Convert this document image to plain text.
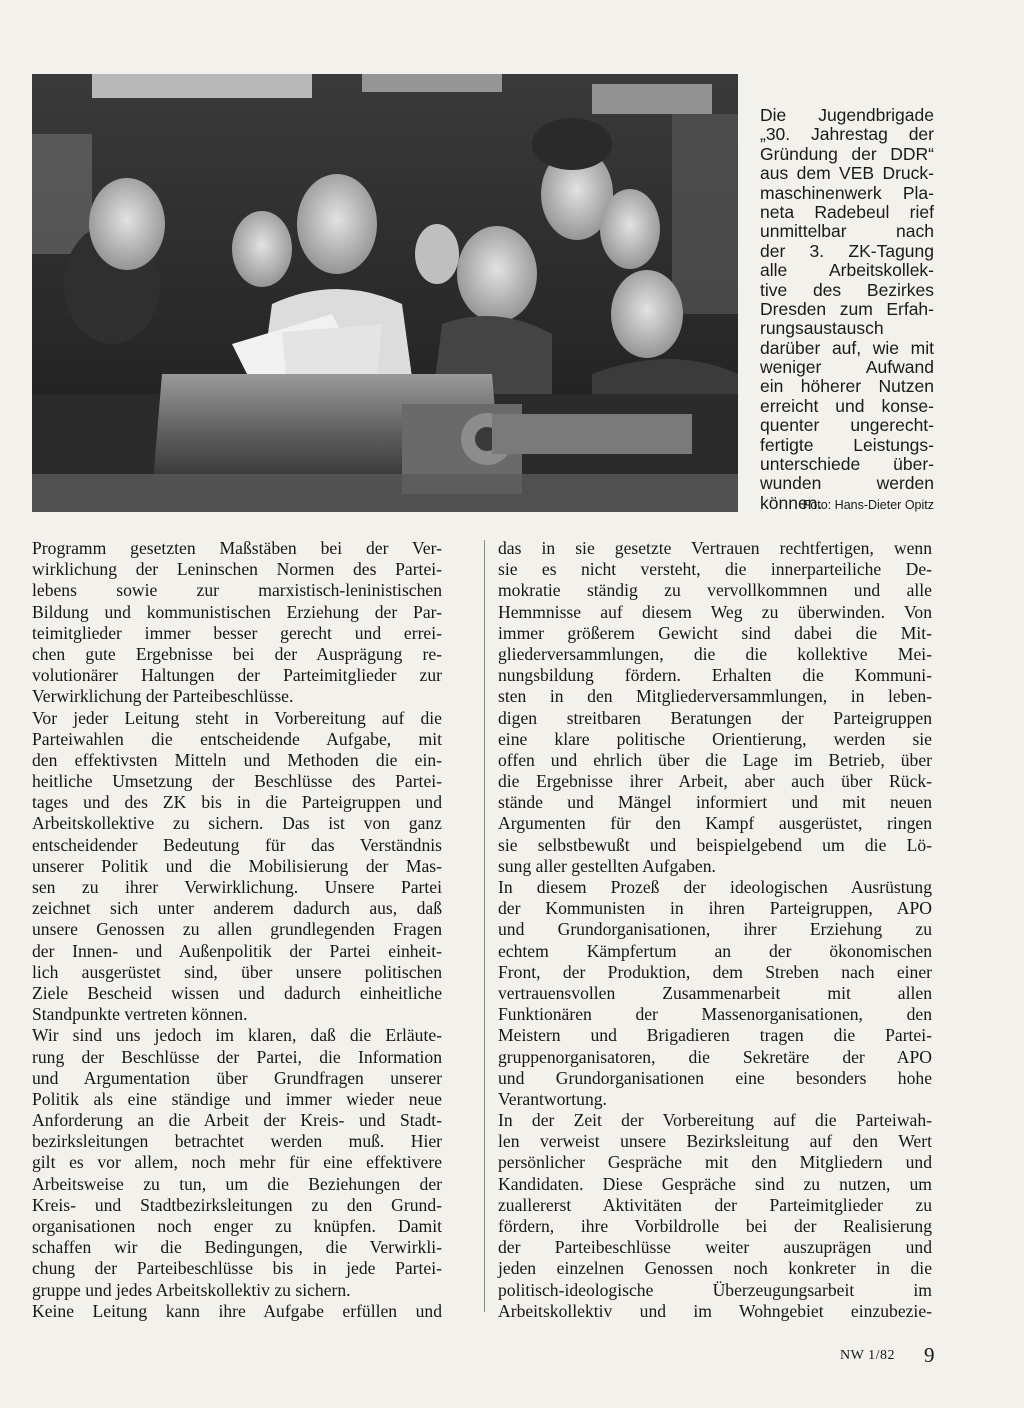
Die Jugendbrigade
„30. Jahrestag der
Gründung der DDR“
aus dem VEB Druck-
maschinenwerk Pla-
neta Radebeul rief
unmittelbar nach
der 3. ZK-Tagung
alle Arbeitskollek-
tive des Bezirkes
Dresden zum Erfah-
rungsaustausch
darüber auf, wie mit
weniger Aufwand
ein höherer Nutzen
erreicht und konse-
quenter ungerecht-
fertigte Leistungs-
unterschiede über-
wunden werden
können.
Foto: Hans-Dieter Opitz
Programm gesetzten Maßstäben bei der Ver-
wirklichung der Leninschen Normen des Partei-
lebens sowie zur marxistisch-leninistischen
Bildung und kommunistischen Erziehung der Par-
teimitglieder immer besser gerecht und errei-
chen gute Ergebnisse bei der Ausprägung re-
volutionärer Haltungen der Parteimitglieder zur
Verwirklichung der Parteibeschlüsse.
Vor jeder Leitung steht in Vorbereitung auf die
Parteiwahlen die entscheidende Aufgabe, mit
den effektivsten Mitteln und Methoden die ein-
heitliche Umsetzung der Beschlüsse des Partei-
tages und des ZK bis in die Parteigruppen und
Arbeitskollektive zu sichern. Das ist von ganz
entscheidender Bedeutung für das Verständnis
unserer Politik und die Mobilisierung der Mas-
sen zu ihrer Verwirklichung. Unsere Partei
zeichnet sich unter anderem dadurch aus, daß
unsere Genossen zu allen grundlegenden Fragen
der Innen- und Außenpolitik der Partei einheit-
lich ausgerüstet sind, über unsere politischen
Ziele Bescheid wissen und dadurch einheitliche
Standpunkte vertreten können.
Wir sind uns jedoch im klaren, daß die Erläute-
rung der Beschlüsse der Partei, die Information
und Argumentation über Grundfragen unserer
Politik als eine ständige und immer wieder neue
Anforderung an die Arbeit der Kreis- und Stadt-
bezirksleitungen betrachtet werden muß. Hier
gilt es vor allem, noch mehr für eine effektivere
Arbeitsweise zu tun, um die Beziehungen der
Kreis- und Stadtbezirksleitungen zu den Grund-
organisationen noch enger zu knüpfen. Damit
schaffen wir die Bedingungen, die Verwirkli-
chung der Parteibeschlüsse bis in jede Partei-
gruppe und jedes Arbeitskollektiv zu sichern.
Keine Leitung kann ihre Aufgabe erfüllen und
das in sie gesetzte Vertrauen rechtfertigen, wenn
sie es nicht versteht, die innerparteiliche De-
mokratie ständig zu vervollkommnen und alle
Hemmnisse auf diesem Weg zu überwinden. Von
immer größerem Gewicht sind dabei die Mit-
gliederversammlungen, die die kollektive Mei-
nungsbildung fördern. Erhalten die Kommuni-
sten in den Mitgliederversammlungen, in leben-
digen streitbaren Beratungen der Parteigruppen
eine klare politische Orientierung, werden sie
offen und ehrlich über die Lage im Betrieb, über
die Ergebnisse ihrer Arbeit, aber auch über Rück-
stände und Mängel informiert und mit neuen
Argumenten für den Kampf ausgerüstet, ringen
sie selbstbewußt und beispielgebend um die Lö-
sung aller gestellten Aufgaben.
In diesem Prozeß der ideologischen Ausrüstung
der Kommunisten in ihren Parteigruppen, APO
und Grundorganisationen, ihrer Erziehung zu
echtem Kämpfertum an der ökonomischen
Front, der Produktion, dem Streben nach einer
vertrauensvollen Zusammenarbeit mit allen
Funktionären der Massenorganisationen, den
Meistern und Brigadieren tragen die Partei-
gruppenorganisatoren, die Sekretäre der APO
und Grundorganisationen eine besonders hohe
Verantwortung.
In der Zeit der Vorbereitung auf die Parteiwah-
len verweist unsere Bezirksleitung auf den Wert
persönlicher Gespräche mit den Mitgliedern und
Kandidaten. Diese Gespräche sind zu nutzen, um
zuallererst Aktivitäten der Parteimitglieder zu
fördern, ihre Vorbildrolle bei der Realisierung
der Parteibeschlüsse weiter auszuprägen und
jeden einzelnen Genossen noch konkreter in die
politisch-ideologische Überzeugungsarbeit im
Arbeitskollektiv und im Wohngebiet einzubezie-
NW 1/82 9
